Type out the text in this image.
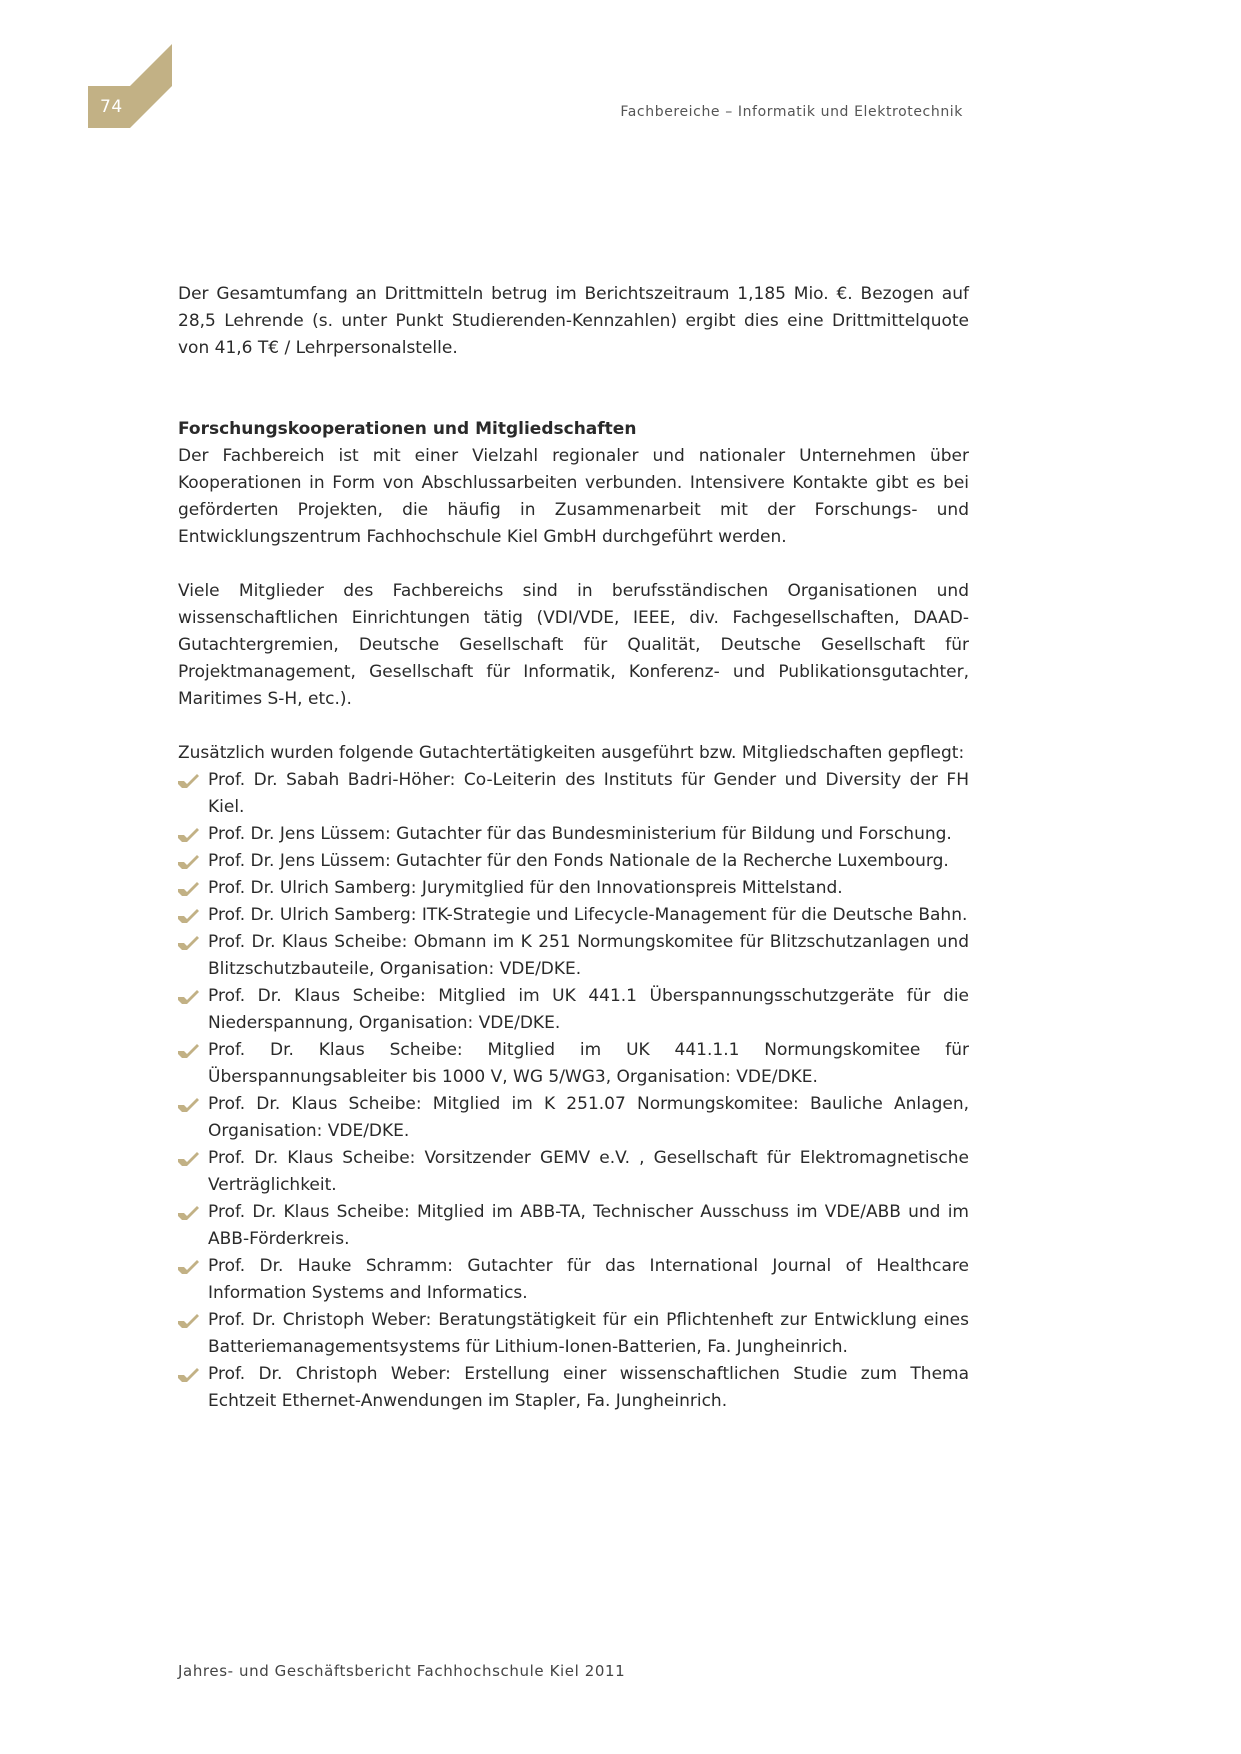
74	Fachbereiche – Informatik und Elektrotechnik

Der Gesamtumfang an Drittmitteln betrug im Berichtszeitraum 1,185 Mio. €. Bezogen auf 28,5 Lehrende (s. unter Punkt Studierenden-Kennzahlen) ergibt dies eine Drittmittelquote von 41,6 T€ / Lehrpersonalstelle.

Forschungskooperationen und Mitgliedschaften

Der Fachbereich ist mit einer Vielzahl regionaler und nationaler Unternehmen über Kooperationen in Form von Abschlussarbeiten verbunden. Intensivere Kontakte gibt es bei geförderten Projekten, die häufig in Zusammenarbeit mit der Forschungs- und Entwicklungszentrum Fachhochschule Kiel GmbH durchgeführt werden.

Viele Mitglieder des Fachbereichs sind in berufsständischen Organisationen und wissenschaftlichen Einrichtungen tätig (VDI/VDE, IEEE, div. Fachgesellschaften, DAAD-Gutachtergremien, Deutsche Gesellschaft für Qualität, Deutsche Gesellschaft für Projektmanagement, Gesellschaft für Informatik, Konferenz- und Publikationsgutachter, Maritimes S-H, etc.).

Zusätzlich wurden folgende Gutachtertätigkeiten ausgeführt bzw. Mitgliedschaften gepflegt:

Prof. Dr. Sabah Badri-Höher: Co-Leiterin des Instituts für Gender und Diversity der FH Kiel.
Prof. Dr. Jens Lüssem: Gutachter für das Bundesministerium für Bildung und Forschung.
Prof. Dr. Jens Lüssem: Gutachter für den Fonds Nationale de la Recherche Luxembourg.
Prof. Dr. Ulrich Samberg: Jurymitglied für den Innovationspreis Mittelstand.
Prof. Dr. Ulrich Samberg: ITK-Strategie und Lifecycle-Management für die Deutsche Bahn.
Prof. Dr. Klaus Scheibe: Obmann im K 251 Normungskomitee für Blitzschutzanlagen und Blitzschutzbauteile, Organisation: VDE/DKE.
Prof. Dr. Klaus Scheibe: Mitglied im UK 441.1 Überspannungsschutzgeräte für die Niederspannung, Organisation: VDE/DKE.
Prof. Dr. Klaus Scheibe: Mitglied im UK 441.1.1 Normungskomitee für Überspannungsableiter bis 1000 V, WG 5/WG3, Organisation: VDE/DKE.
Prof. Dr. Klaus Scheibe: Mitglied im K 251.07 Normungskomitee: Bauliche Anlagen, Organisation: VDE/DKE.
Prof. Dr. Klaus Scheibe: Vorsitzender GEMV e.V. , Gesellschaft für Elektromagnetische Verträglichkeit.
Prof. Dr. Klaus Scheibe: Mitglied im ABB-TA, Technischer Ausschuss im VDE/ABB und im ABB-Förderkreis.
Prof. Dr. Hauke Schramm: Gutachter für das International Journal of Healthcare Information Systems and Informatics.
Prof. Dr. Christoph Weber: Beratungstätigkeit für ein Pflichtenheft zur Entwicklung eines Batteriemanagementsystems für Lithium-Ionen-Batterien, Fa. Jungheinrich.
Prof. Dr. Christoph Weber: Erstellung einer wissenschaftlichen Studie zum Thema Echtzeit Ethernet-Anwendungen im Stapler, Fa. Jungheinrich.
Jahres- und Geschäftsbericht Fachhochschule Kiel 2011
